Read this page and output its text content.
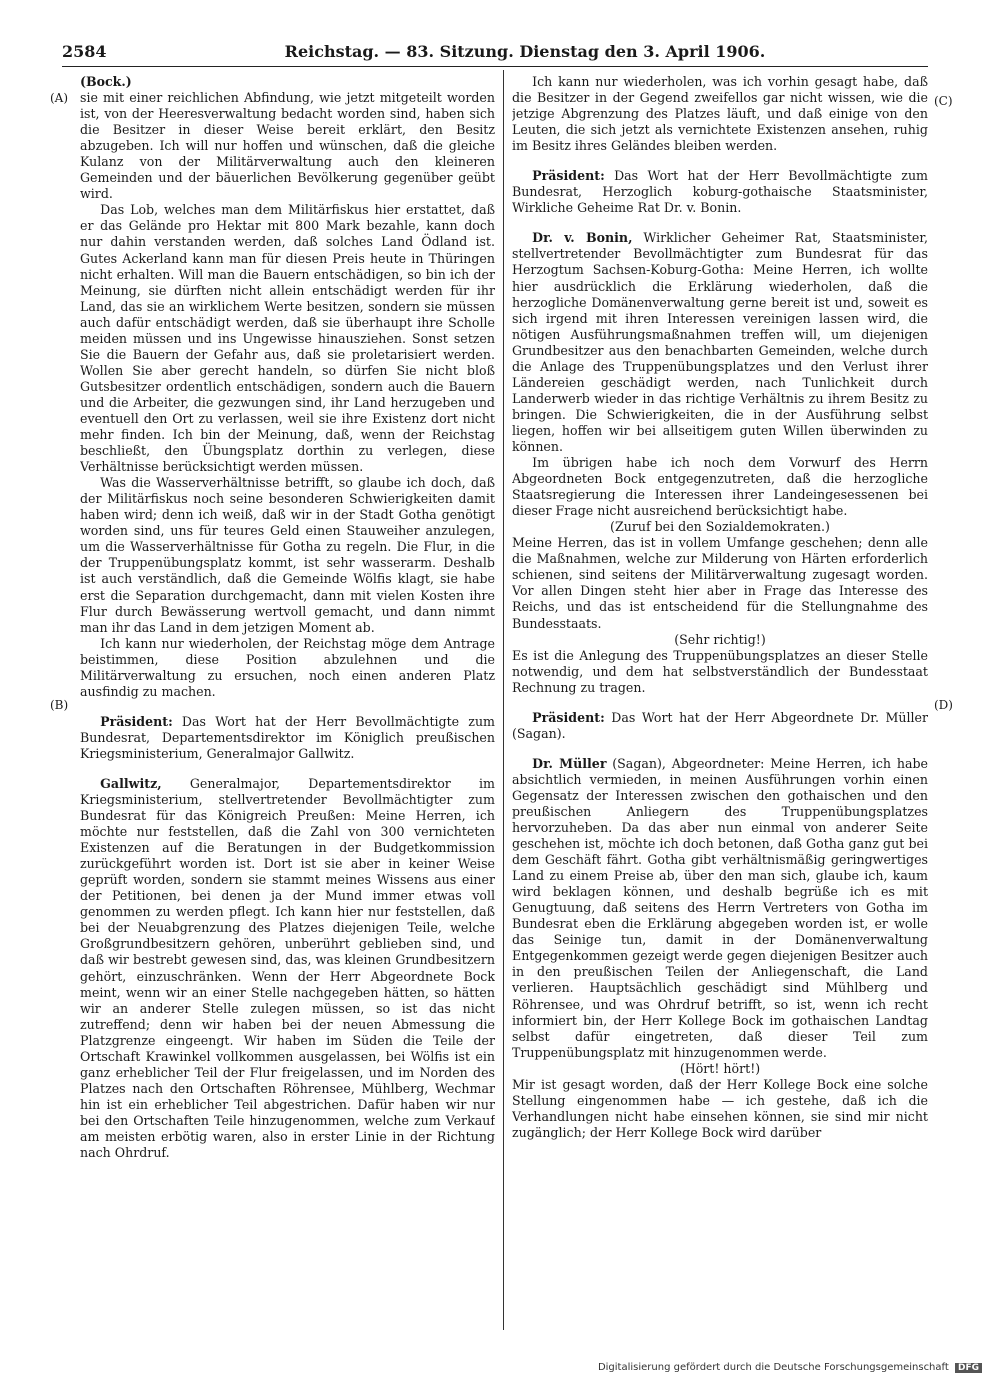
2584	Reichstag. — 83. Sitzung. Dienstag den 3. April 1906.
(A)
(B)
(C)
(D)

(Bock.)

sie mit einer reichlichen Abfindung, wie jetzt mitgeteilt worden ist, von der Heeresverwaltung bedacht worden sind, haben sich die Besitzer in dieser Weise bereit erklärt, den Besitz abzugeben. Ich will nur hoffen und wünschen, daß die gleiche Kulanz von der Militärverwaltung auch den kleineren Gemeinden und der bäuerlichen Bevölkerung gegenüber geübt wird.

Das Lob, welches man dem Militärfiskus hier erstattet, daß er das Gelände pro Hektar mit 800 Mark bezahle, kann doch nur dahin verstanden werden, daß solches Land Ödland ist. Gutes Ackerland kann man für diesen Preis heute in Thüringen nicht erhalten. Will man die Bauern entschädigen, so bin ich der Meinung, sie dürften nicht allein entschädigt werden für ihr Land, das sie an wirklichem Werte besitzen, sondern sie müssen auch dafür entschädigt werden, daß sie überhaupt ihre Scholle meiden müssen und ins Ungewisse hinausziehen. Sonst setzen Sie die Bauern der Gefahr aus, daß sie proletarisiert werden. Wollen Sie aber gerecht handeln, so dürfen Sie nicht bloß Gutsbesitzer ordentlich entschädigen, sondern auch die Bauern und die Arbeiter, die gezwungen sind, ihr Land herzugeben und eventuell den Ort zu verlassen, weil sie ihre Existenz dort nicht mehr finden. Ich bin der Meinung, daß, wenn der Reichstag beschließt, den Übungsplatz dorthin zu verlegen, diese Verhältnisse berücksichtigt werden müssen.

Was die Wasserverhältnisse betrifft, so glaube ich doch, daß der Militärfiskus noch seine besonderen Schwierigkeiten damit haben wird; denn ich weiß, daß wir in der Stadt Gotha genötigt worden sind, uns für teures Geld einen Stauweiher anzulegen, um die Wasserverhältnisse für Gotha zu regeln. Die Flur, in die der Truppenübungsplatz kommt, ist sehr wasserarm. Deshalb ist auch verständlich, daß die Gemeinde Wölfis klagt, sie habe erst die Separation durchgemacht, dann mit vielen Kosten ihre Flur durch Bewässerung wertvoll gemacht, und dann nimmt man ihr das Land in dem jetzigen Moment ab.

Ich kann nur wiederholen, der Reichstag möge dem Antrage beistimmen, diese Position abzulehnen und die Militärverwaltung zu ersuchen, noch einen anderen Platz ausfindig zu machen.

Präsident: Das Wort hat der Herr Bevollmächtigte zum Bundesrat, Departementsdirektor im Königlich preußischen Kriegsministerium, Generalmajor Gallwitz.

Gallwitz, Generalmajor, Departementsdirektor im Kriegsministerium, stellvertretender Bevollmächtigter zum Bundesrat für das Königreich Preußen: Meine Herren, ich möchte nur feststellen, daß die Zahl von 300 vernichteten Existenzen auf die Beratungen in der Budgetkommission zurückgeführt worden ist. Dort ist sie aber in keiner Weise geprüft worden, sondern sie stammt meines Wissens aus einer der Petitionen, bei denen ja der Mund immer etwas voll genommen zu werden pflegt. Ich kann hier nur feststellen, daß bei der Neuabgrenzung des Platzes diejenigen Teile, welche Großgrundbesitzern gehören, unberührt geblieben sind, und daß wir bestrebt gewesen sind, das, was kleinen Grundbesitzern gehört, einzuschränken. Wenn der Herr Abgeordnete Bock meint, wenn wir an einer Stelle nachgegeben hätten, so hätten wir an anderer Stelle zulegen müssen, so ist das nicht zutreffend; denn wir haben bei der neuen Abmessung die Platzgrenze eingeengt. Wir haben im Süden die Teile der Ortschaft Krawinkel vollkommen ausgelassen, bei Wölfis ist ein ganz erheblicher Teil der Flur freigelassen, und im Norden des Platzes nach den Ortschaften Röhrensee, Mühlberg, Wechmar hin ist ein erheblicher Teil abgestrichen. Dafür haben wir nur bei den Ortschaften Teile hinzugenommen, welche zum Verkauf am meisten erbötig waren, also in erster Linie in der Richtung nach Ohrdruf.

Ich kann nur wiederholen, was ich vorhin gesagt habe, daß die Besitzer in der Gegend zweifellos gar nicht wissen, wie die jetzige Abgrenzung des Platzes läuft, und daß einige von den Leuten, die sich jetzt als vernichtete Existenzen ansehen, ruhig im Besitz ihres Geländes bleiben werden.

Präsident: Das Wort hat der Herr Bevollmächtigte zum Bundesrat, Herzoglich koburg-gothaische Staatsminister, Wirkliche Geheime Rat Dr. v. Bonin.

Dr. v. Bonin, Wirklicher Geheimer Rat, Staatsminister, stellvertretender Bevollmächtigter zum Bundesrat für das Herzogtum Sachsen-Koburg-Gotha: Meine Herren, ich wollte hier ausdrücklich die Erklärung wiederholen, daß die herzogliche Domänenverwaltung gerne bereit ist und, soweit es sich irgend mit ihren Interessen vereinigen lassen wird, die nötigen Ausführungsmaßnahmen treffen will, um diejenigen Grundbesitzer aus den benachbarten Gemeinden, welche durch die Anlage des Truppenübungsplatzes und den Verlust ihrer Ländereien geschädigt werden, nach Tunlichkeit durch Landerwerb wieder in das richtige Verhältnis zu ihrem Besitz zu bringen. Die Schwierigkeiten, die in der Ausführung selbst liegen, hoffen wir bei allseitigem guten Willen überwinden zu können.

Im übrigen habe ich noch dem Vorwurf des Herrn Abgeordneten Bock entgegenzutreten, daß die herzogliche Staatsregierung die Interessen ihrer Landeingesessenen bei dieser Frage nicht ausreichend berücksichtigt habe.

(Zuruf bei den Sozialdemokraten.)

Meine Herren, das ist in vollem Umfange geschehen; denn alle die Maßnahmen, welche zur Milderung von Härten erforderlich schienen, sind seitens der Militärverwaltung zugesagt worden. Vor allen Dingen steht hier aber in Frage das Interesse des Reichs, und das ist entscheidend für die Stellungnahme des Bundesstaats.

(Sehr richtig!)

Es ist die Anlegung des Truppenübungsplatzes an dieser Stelle notwendig, und dem hat selbstverständlich der Bundesstaat Rechnung zu tragen.

Präsident: Das Wort hat der Herr Abgeordnete Dr. Müller (Sagan).

Dr. Müller (Sagan), Abgeordneter: Meine Herren, ich habe absichtlich vermieden, in meinen Ausführungen vorhin einen Gegensatz der Interessen zwischen den gothaischen und den preußischen Anliegern des Truppenübungsplatzes hervorzuheben. Da das aber nun einmal von anderer Seite geschehen ist, möchte ich doch betonen, daß Gotha ganz gut bei dem Geschäft fährt. Gotha gibt verhältnismäßig geringwertiges Land zu einem Preise ab, über den man sich, glaube ich, kaum wird beklagen können, und deshalb begrüße ich es mit Genugtuung, daß seitens des Herrn Vertreters von Gotha im Bundesrat eben die Erklärung abgegeben worden ist, er wolle das Seinige tun, damit in der Domänenverwaltung Entgegenkommen gezeigt werde gegen diejenigen Besitzer auch in den preußischen Teilen der Anliegenschaft, die Land verlieren. Hauptsächlich geschädigt sind Mühlberg und Röhrensee, und was Ohrdruf betrifft, so ist, wenn ich recht informiert bin, der Herr Kollege Bock im gothaischen Landtag selbst dafür eingetreten, daß dieser Teil zum Truppenübungsplatz mit hinzugenommen werde.

(Hört! hört!)

Mir ist gesagt worden, daß der Herr Kollege Bock eine solche Stellung eingenommen habe — ich gestehe, daß ich die Verhandlungen nicht habe einsehen können, sie sind mir nicht zugänglich; der Herr Kollege Bock wird darüber

Digitalisierung gefördert durch die Deutsche Forschungsgemeinschaft DFG
